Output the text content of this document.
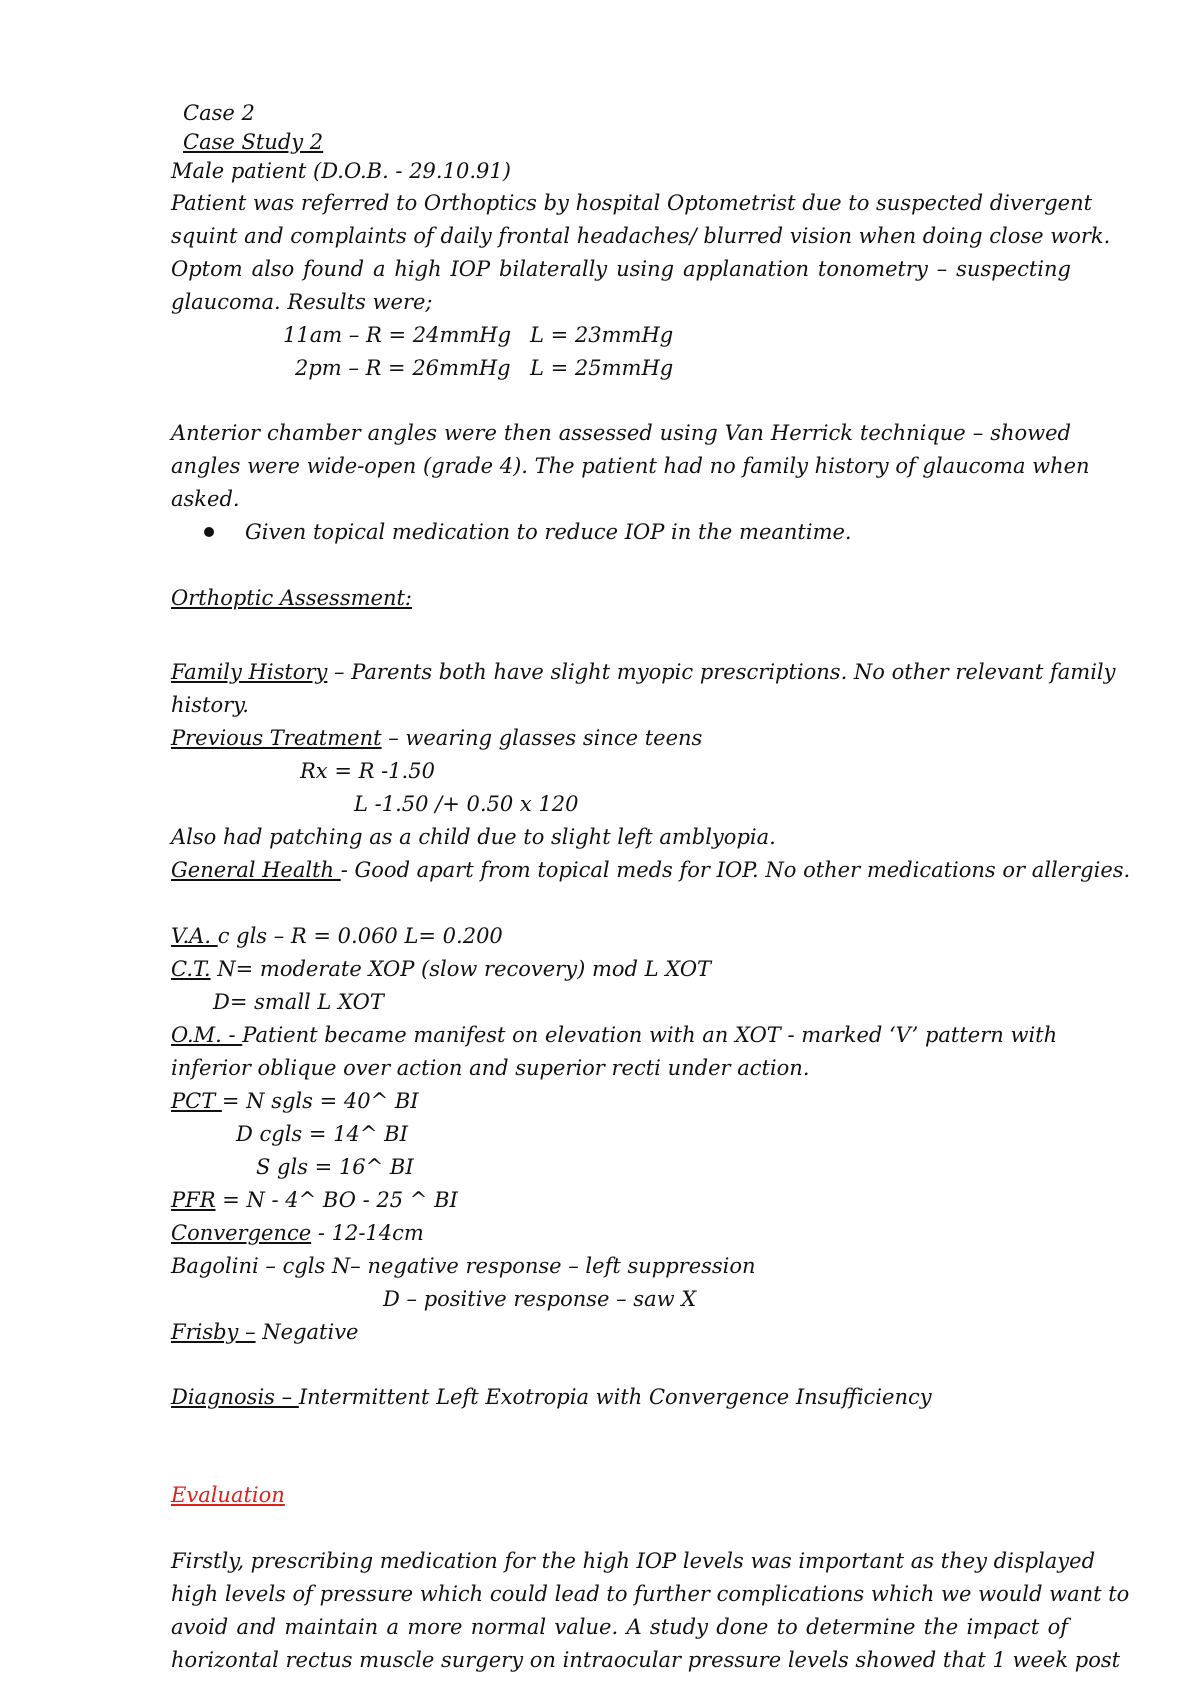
Case 2
Case Study 2
Male patient (D.O.B. - 29.10.91)
Patient was referred to Orthoptics by hospital Optometrist due to suspected divergent
squint and complaints of daily frontal headaches/ blurred vision when doing close work.
Optom also found a high IOP bilaterally using applanation tonometry – suspecting
glaucoma. Results were;
11am – R = 24mmHg L = 23mmHg
2pm – R = 26mmHg L = 25mmHg
Anterior chamber angles were then assessed using Van Herrick technique – showed
angles were wide-open (grade 4). The patient had no family history of glaucoma when
asked.
Given topical medication to reduce IOP in the meantime.
Orthoptic Assessment:
Family History – Parents both have slight myopic prescriptions. No other relevant family
history.
Previous Treatment – wearing glasses since teens
Rx = R -1.50
L -1.50 /+ 0.50 x 120
Also had patching as a child due to slight left amblyopia.
General Health - Good apart from topical meds for IOP. No other medications or allergies.
V.A. c gls – R = 0.060 L= 0.200
C.T. N= moderate XOP (slow recovery) mod L XOT
D= small L XOT
O.M. - Patient became manifest on elevation with an XOT - marked ‘V’ pattern with
inferior oblique over action and superior recti under action.
PCT = N sgls = 40^ BI
D cgls = 14^ BI
S gls = 16^ BI
PFR = N - 4^ BO - 25 ^ BI
Convergence - 12-14cm
Bagolini – cgls N– negative response – left suppression
D – positive response – saw X
Frisby – Negative
Diagnosis – Intermittent Left Exotropia with Convergence Insufficiency
Evaluation
Firstly, prescribing medication for the high IOP levels was important as they displayed
high levels of pressure which could lead to further complications which we would want to
avoid and maintain a more normal value. A study done to determine the impact of
horizontal rectus muscle surgery on intraocular pressure levels showed that 1 week post
